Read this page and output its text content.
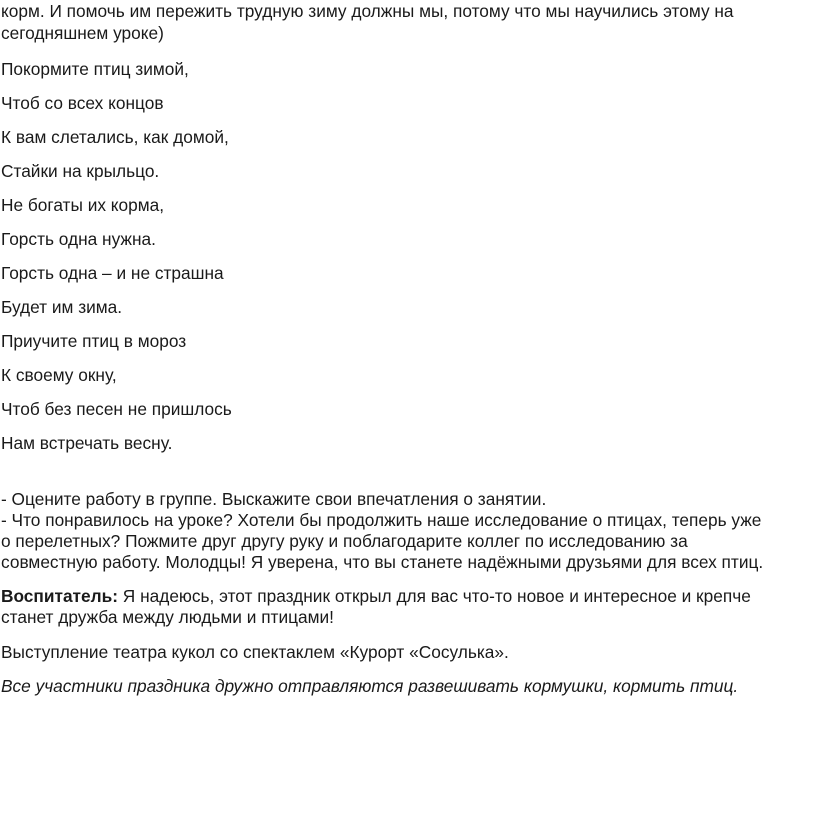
корм. И помочь им пережить трудную зиму должны мы, потому что мы научились этому на

сегодняшнем уроке)

Покормите птиц зимой,

Чтоб со всех концов

К вам слетались, как домой,

Стайки на крыльцо.

Не богаты их корма,

Горсть одна нужна.

Горсть одна – и не страшна

Будет им зима.

Приучите птиц в мороз

К своему окну,

Чтоб без песен не пришлось

Нам встречать весну.

- Оцените работу в группе. Выскажите свои впечатления о занятии.

- Что понравилось на уроке? Хотели бы продолжить наше исследование о птицах, теперь уже

о перелетных? Пожмите друг другу руку и поблагодарите коллег по исследованию за

совместную работу. Молодцы! Я уверена, что вы станете надёжными друзьями для всех птиц.

Воспитатель: Я надеюсь, этот праздник открыл для вас что-то новое и интересное и крепче

станет дружба между людьми и птицами!

Выступление театра кукол со спектаклем «Курорт «Сосулька».

Все участники праздника дружно отправляются развешивать кормушки, кормить птиц.
